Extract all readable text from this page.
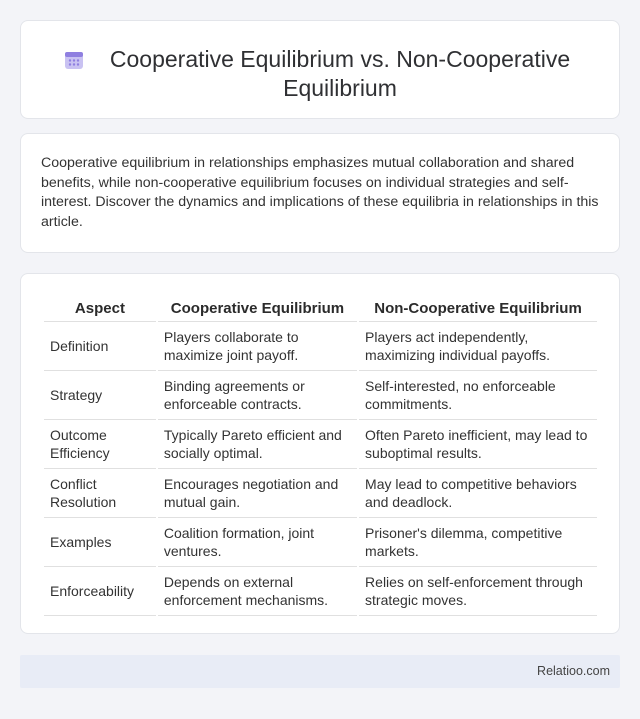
Cooperative Equilibrium vs. Non-Cooperative Equilibrium

Cooperative equilibrium in relationships emphasizes mutual collaboration and shared benefits, while non-cooperative equilibrium focuses on individual strategies and self-interest. Discover the dynamics and implications of these equilibria in relationships in this article.

Aspect	Cooperative Equilibrium	Non-Cooperative Equilibrium
Definition	Players collaborate to maximize joint payoff.	Players act independently, maximizing individual payoffs.
Strategy	Binding agreements or enforceable contracts.	Self-interested, no enforceable commitments.
Outcome Efficiency	Typically Pareto efficient and socially optimal.	Often Pareto inefficient, may lead to suboptimal results.
Conflict Resolution	Encourages negotiation and mutual gain.	May lead to competitive behaviors and deadlock.
Examples	Coalition formation, joint ventures.	Prisoner's dilemma, competitive markets.
Enforceability	Depends on external enforcement mechanisms.	Relies on self-enforcement through strategic moves.
Relatioo.com
